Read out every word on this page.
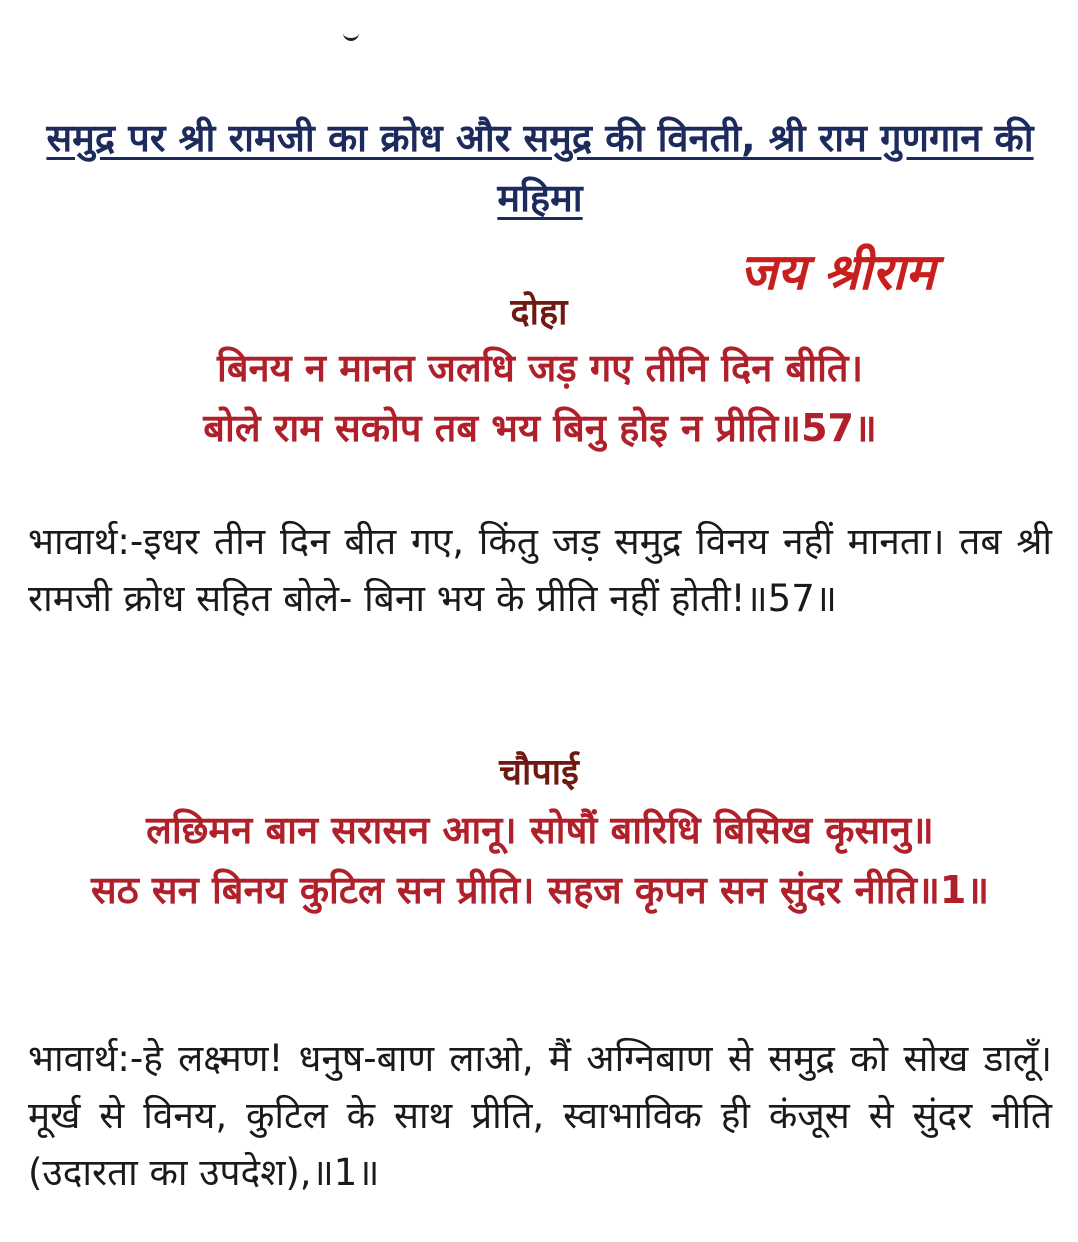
समुद्र पर श्री रामजी का क्रोध और समुद्र की विनती, श्री राम गुणगान की महिमा
जय श्रीराम
दोहा
बिनय न मानत जलधि जड़ गए तीनि दिन बीति।
बोले राम सकोप तब भय बिनु होइ न प्रीति॥57॥
भावार्थ:-इधर तीन दिन बीत गए, किंतु जड़ समुद्र विनय नहीं मानता। तब श्री रामजी क्रोध सहित बोले- बिना भय के प्रीति नहीं होती!॥57॥
चौपाई
लछिमन बान सरासन आनू। सोषौं बारिधि बिसिख कृसानु॥
सठ सन बिनय कुटिल सन प्रीति। सहज कृपन सन सुंदर नीति॥1॥
भावार्थ:-हे लक्ष्मण! धनुष-बाण लाओ, मैं अग्निबाण से समुद्र को सोख डालूँ। मूर्ख से विनय, कुटिल के साथ प्रीति, स्वाभाविक ही कंजूस से सुंदर नीति (उदारता का उपदेश),॥1॥
